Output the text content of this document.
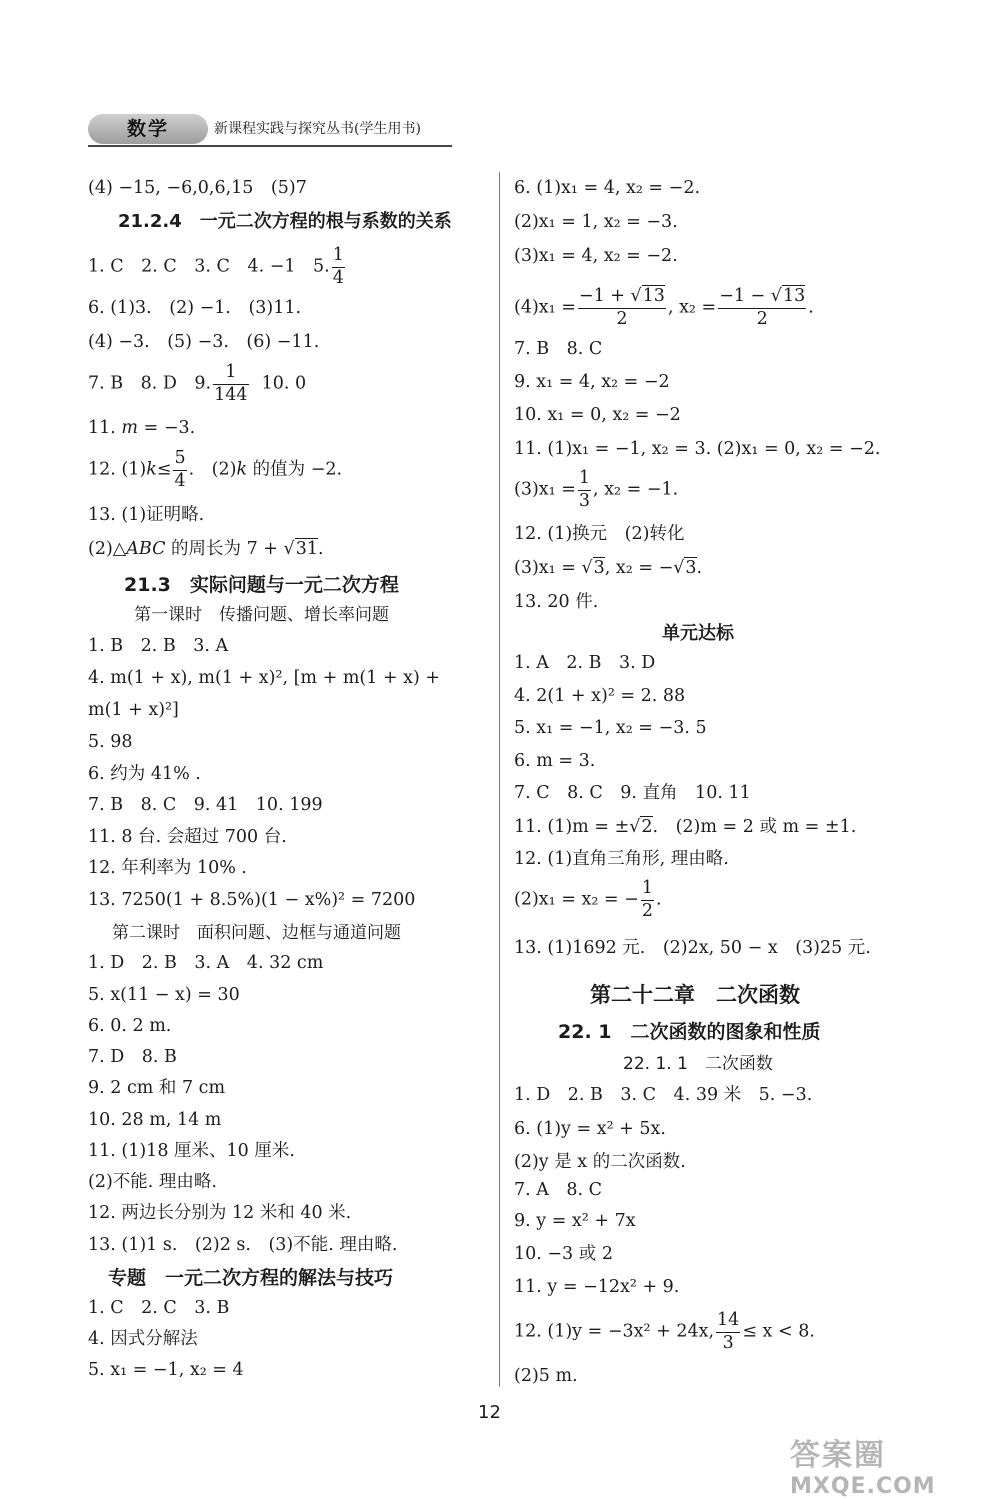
数学	新课程实践与探究丛书(学生用书)
(4) −15, −6,0,6,15　(5)7
21.2.4　一元二次方程的根与系数的关系
1. C　2. C　3. C　4. −1　5. $\frac{1}{4}$
6. (1)3.　(2) −1.　(3)11.
(4) −3.　(5) −3.　(6) −11.
7. B　8. D　9. $\frac{1}{144} 10$. 0
11. m = −3.
12. $(1)k\le \frac{5}{4}$ .　(2)k 的值为 −2.
13. (1)证明略.
(2)△ABC 的周长为 7 + √31.
21.3　实际问题与一元二次方程
第一课时　传播问题、增长率问题
1. B　2. B　3. A
4. m(1 + x), m(1 + x)², [m + m(1 + x) +
m(1 + x)²]
5. 98
6. 约为 41% .
7. B　8. C　9. 41　10. 199
11. 8 台. 会超过 700 台.
12. 年利率为 10% .
13. 7250(1 + 8.5%)(1 − x%)² = 7200
第二课时　面积问题、边框与通道问题
1. D　2. B　3. A　4. 32 cm
5. x(11 − x) = 30
6. 0. 2 m.
7. D　8. B
9. 2 cm 和 7 cm
10. 28 m, 14 m
11. (1)18 厘米、10 厘米.
(2)不能. 理由略.
12. 两边长分别为 12 米和 40 米.
13. (1)1 s.　(2)2 s.　(3)不能. 理由略.
专题　一元二次方程的解法与技巧
1. C　2. C　3. B
4. 因式分解法
5. x₁ = −1, x₂ = 4
6. (1)x₁ = 4, x₂ = −2.
(2)x₁ = 1, x₂ = −3.
(3)x₁ = 4, x₂ = −2.
$(4)x_1 = \frac{-1 + √13}{2}$ , $x_2 = \frac{-1 - √13}{2}$ .
7. B　8. C
9. x₁ = 4, x₂ = −2
10. x₁ = 0, x₂ = −2
11. (1)x₁ = −1, x₂ = 3. (2)x₁ = 0, x₂ = −2.
$(3)x_1 = \frac{1}{3}$ , x₂ = −1.
12. (1)换元　(2)转化
(3)x₁ = √3, x₂ = −√3.
13. 20 件.
单元达标
1. A　2. B　3. D
4. 2(1 + x)² = 2. 88
5. x₁ = −1, x₂ = −3. 5
6. m = 3.
7. C　8. C　9. 直角　10. 11
11. (1)m = ±√2.　(2)m = 2 或 m = ±1.
12. (1)直角三角形, 理由略.
(2)x₁ = x₂ = − $\frac{1}{2}$ .
13. (1)1692 元.　(2)2x, 50 − x　(3)25 元.
第二十二章　二次函数
22. 1　二次函数的图象和性质
22. 1. 1　二次函数
1. D　2. B　3. C　4. 39 米　5. −3.
6. (1)y = x² + 5x.
(2)y 是 x 的二次函数.
7. A　8. C
9. y = x² + 7x
10. −3 或 2
11. y = −12x² + 9.
12. (1)y = −3x² + 24x, $\frac{14}{3} \le x < 8$.
(2)5 m.
12
答案圈
MXQE.COM
